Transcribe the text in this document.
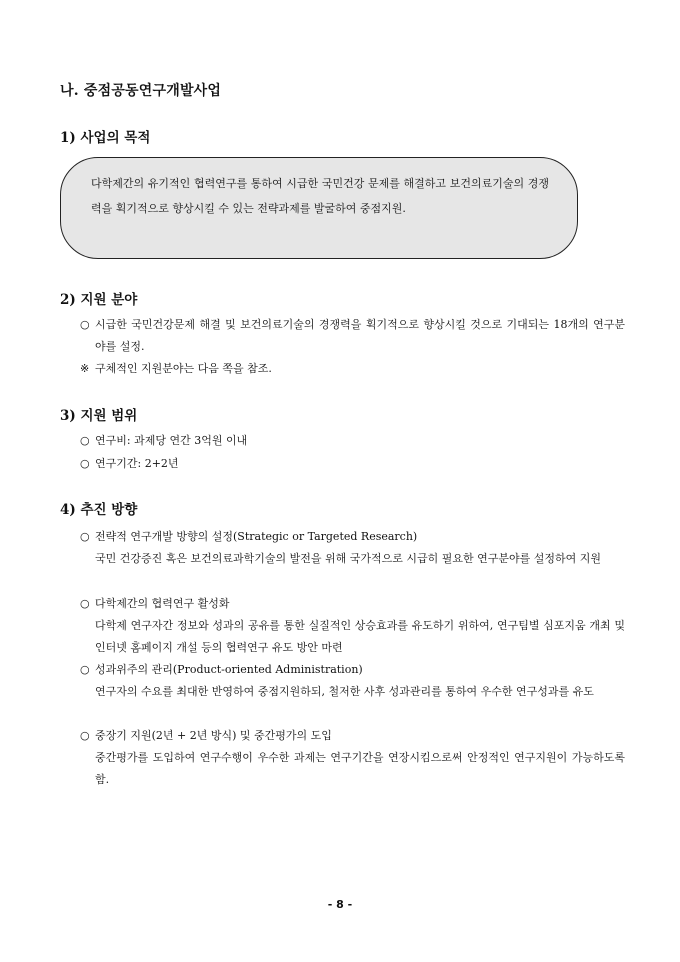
나. 중점공동연구개발사업
1) 사업의 목적
다학제간의 유기적인 협력연구를 통하여 시급한 국민건강 문제를 해결하고 보건의료기술의 경쟁력을 획기적으로 향상시킬 수 있는 전략과제를 발굴하여 중점지원.
2) 지원 분야
○ 시급한 국민건강문제 해결 및 보건의료기술의 경쟁력을 획기적으로 향상시킬 것으로 기대되는 18개의 연구분야를 설정.
※ 구체적인 지원분야는 다음 쪽을 참조.
3) 지원 범위
○ 연구비: 과제당 연간 3억원 이내
○ 연구기간: 2+2년
4) 추진 방향
○ 전략적 연구개발 방향의 설정(Strategic or Targeted Research)
국민 건강증진 혹은 보건의료과학기술의 발전을 위해 국가적으로 시급히 필요한 연구분야를 설정하여 지원
○ 다학제간의 협력연구 활성화
다학제 연구자간 정보와 성과의 공유를 통한 실질적인 상승효과를 유도하기 위하여, 연구팀별 심포지움 개최 및 인터넷 홈페이지 개설 등의 협력연구 유도 방안 마련
○ 성과위주의 관리(Product-oriented Administration)
연구자의 수요를 최대한 반영하여 중점지원하되, 철저한 사후 성과관리를 통하여 우수한 연구성과를 유도
○ 중장기 지원(2년 + 2년 방식) 및 중간평가의 도입
중간평가를 도입하여 연구수행이 우수한 과제는 연구기간을 연장시킴으로써 안정적인 연구지원이 가능하도록 함.
- 8 -
